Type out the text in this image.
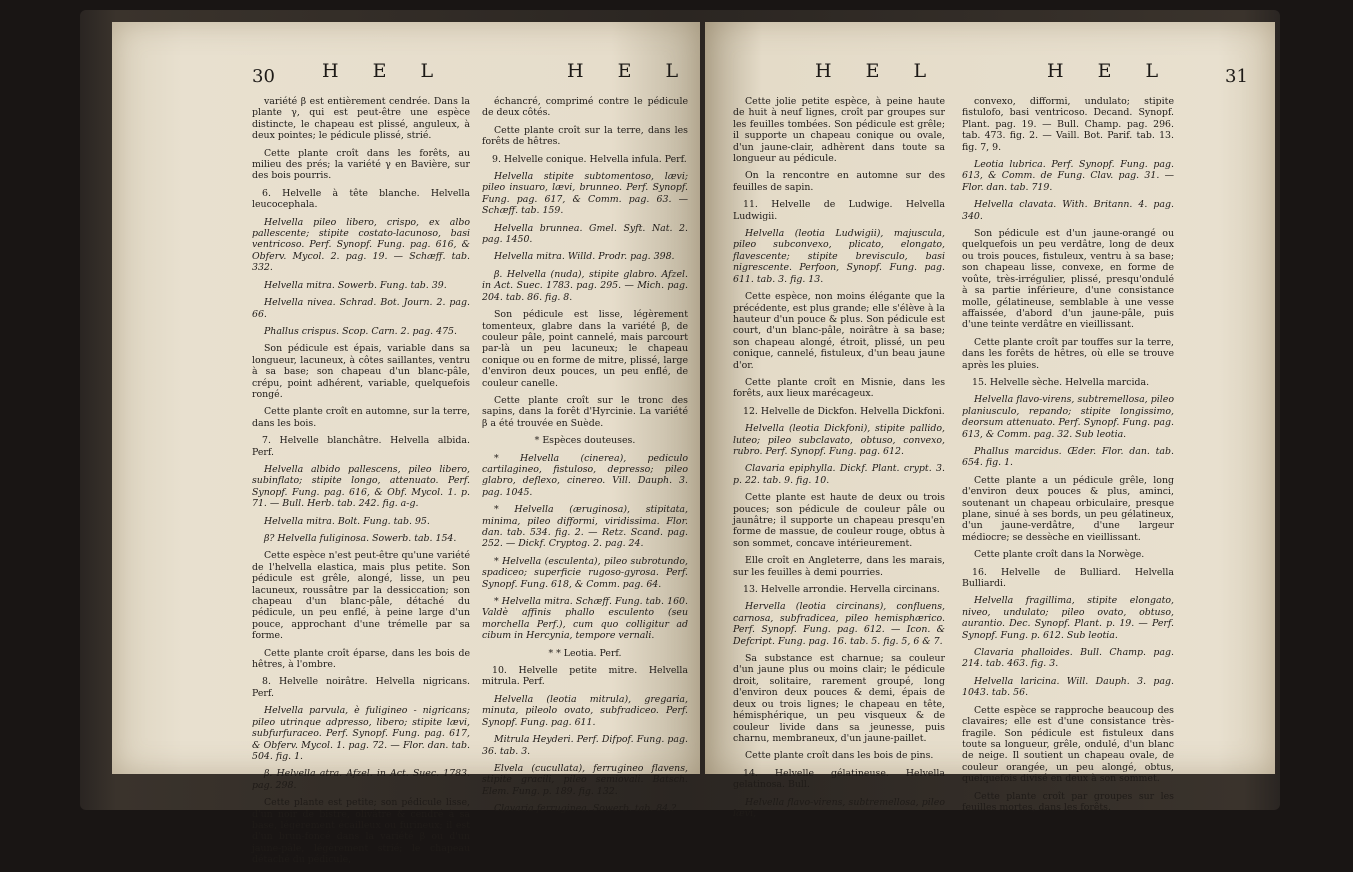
30 H E L	H E L

variété β est entièrement cendrée. Dans la plante γ, qui est peut-être une espèce distincte, le chapeau est plissé, anguleux, à deux pointes; le pédicule plissé, strié.

Cette plante croît dans les forêts, au milieu des prés; la variété γ en Bavière, sur des bois pourris.

6. Helvelle à tête blanche. Helvella leucocephala.

Helvella pileo libero, crispo, ex albo pallescente; stipite costato-lacunoso, basi ventricoso. Perf. Synopf. Fung. pag. 616, & Obferv. Mycol. 2. pag. 19. — Schæff. tab. 332.

Helvella mitra. Sowerb. Fung. tab. 39.

Helvella nivea. Schrad. Bot. Journ. 2. pag. 66.

Phallus crispus. Scop. Carn. 2. pag. 475.

Son pédicule est épais, variable dans sa longueur, lacuneux, à côtes saillantes, ventru à sa base; son chapeau d'un blanc-pâle, crépu, point adhérent, variable, quelquefois rongé.

Cette plante croît en automne, sur la terre, dans les bois.

7. Helvelle blanchâtre. Helvella albida. Perf.

Helvella albido pallescens, pileo libero, subinflato; stipite longo, attenuato. Perf. Synopf. Fung. pag. 616, & Obf. Mycol. 1. p. 71. — Bull. Herb. tab. 242. fig. a-g.

Helvella mitra. Bolt. Fung. tab. 95.

β? Helvella fuliginosa. Sowerb. tab. 154.

Cette espèce n'est peut-être qu'une variété de l'helvella elastica, mais plus petite. Son pédicule est grêle, alongé, lisse, un peu lacuneux, roussâtre par la dessiccation; son chapeau d'un blanc-pâle, détaché du pédicule, un peu enflé, à peine large d'un pouce, approchant d'une trémelle par sa forme.

Cette plante croît éparse, dans les bois de hêtres, à l'ombre.

8. Helvelle noirâtre. Helvella nigricans. Perf.

Helvella parvula, è fuligineo - nigricans; pileo utrinque adpresso, libero; stipite lævi, subfurfuraceo. Perf. Synopf. Fung. pag. 617, & Obferv. Mycol. 1. pag. 72. — Flor. dan. tab. 504. fig. 1.

β. Helvella atra. Afzel. in Act. Suec. 1783. pag. 298.

Cette plante est petite; son pédicule lisse, d'un noir de bistre, olivâtre & cendré à sa base, légèrement écailleux ou furineux; il est d'un brun-foncé dans la variété β ou d'un jaune-pâle, légèrement strié; le chapeau détaché du pédicule,

échancré, comprimé contre le pédicule de deux côtés.

Cette plante croît sur la terre, dans les forêts de hêtres.

9. Helvelle conique. Helvella infula. Perf.

Helvella stipite subtomentoso, lævi; pileo insuaro, lævi, brunneo. Perf. Synopf. Fung. pag. 617, & Comm. pag. 63. — Schæff. tab. 159.

Helvella brunnea. Gmel. Syft. Nat. 2. pag. 1450.

Helvella mitra. Willd. Prodr. pag. 398.

β. Helvella (nuda), stipite glabro. Afzel. in Act. Suec. 1783. pag. 295. — Mich. pag. 204. tab. 86. fig. 8.

Son pédicule est lisse, légèrement tomenteux, glabre dans la variété β, de couleur pâle, point cannelé, mais parcourt par-là un peu lacuneux; le chapeau conique ou en forme de mitre, plissé, large d'environ deux pouces, un peu enflé, de couleur canelle.

Cette plante croît sur le tronc des sapins, dans la forêt d'Hyrcinie. La variété β a été trouvée en Suède.

* Espèces douteuses.

* Helvella (cinerea), pediculo cartilagineo, fistuloso, depresso; pileo glabro, deflexo, cinereo. Vill. Dauph. 3. pag. 1045.

* Helvella (æruginosa), stipitata, minima, pileo difformi, viridissima. Flor. dan. tab. 534. fig. 2. — Retz. Scand. pag. 252. — Dickf. Cryptog. 2. pag. 24.

* Helvella (esculenta), pileo subrotundo, spadiceo; superficie rugoso-gyrosa. Perf. Synopf. Fung. 618, & Comm. pag. 64.

* Helvella mitra. Schæff. Fung. tab. 160. Valdè affinis phallo esculento (seu morchella Perf.), cum quo colligitur ad cibum in Hercynia, tempore vernali.

* * Leotia. Perf.

10. Helvelle petite mitre. Helvella mitrula. Perf.

Helvella (leotia mitrula), gregaria, minuta, pileolo ovato, subfradiceo. Perf. Synopf. Fung. pag. 611.

Mitrula Heyderi. Perf. Difpof. Fung. pag. 36. tab. 3.

Elvela (cucullata), ferrugineo flavens, stipite gracili, pileo semiovali. Batsch. Elem. Fung. p. 189. fig. 132.

Clavaria ferruginea. Sowerb. tab. 84.?

H E L	H E L	31

Cette jolie petite espèce, à peine haute de huit à neuf lignes, croît par groupes sur les feuilles tombées. Son pédicule est grêle; il supporte un chapeau conique ou ovale, d'un jaune-clair, adhèrent dans toute sa longueur au pédicule.

On la rencontre en automne sur des feuilles de sapin.

11. Helvelle de Ludwige. Helvella Ludwigii.

Helvella (leotia Ludwigii), majuscula, pileo subconvexo, plicato, elongato, flavescente; stipite brevisculo, basi nigrescente. Perfoon, Synopf. Fung. pag. 611. tab. 3. fig. 13.

Cette espèce, non moins élégante que la précédente, est plus grande; elle s'élève à la hauteur d'un pouce & plus. Son pédicule est court, d'un blanc-pâle, noirâtre à sa base; son chapeau alongé, étroit, plissé, un peu conique, cannelé, fistuleux, d'un beau jaune d'or.

Cette plante croît en Misnie, dans les forêts, aux lieux marécageux.

12. Helvelle de Dickfon. Helvella Dickfoni.

Helvella (leotia Dickfoni), stipite pallido, luteo; pileo subclavato, obtuso, convexo, rubro. Perf. Synopf. Fung. pag. 612.

Clavaria epiphylla. Dickf. Plant. crypt. 3. p. 22. tab. 9. fig. 10.

Cette plante est haute de deux ou trois pouces; son pédicule de couleur pâle ou jaunâtre; il supporte un chapeau presqu'en forme de massue, de couleur rouge, obtus à son sommet, concave intérieurement.

Elle croît en Angleterre, dans les marais, sur les feuilles à demi pourries.

13. Helvelle arrondie. Hervella circinans.

Hervella (leotia circinans), confluens, carnosa, subfradicea, pileo hemisphærico. Perf. Synopf. Fung. pag. 612. — Icon. & Defcript. Fung. pag. 16. tab. 5. fig. 5, 6 & 7.

Sa substance est charnue; sa couleur d'un jaune plus ou moins clair; le pédicule droit, solitaire, rarement groupé, long d'environ deux pouces & demi, épais de deux ou trois lignes; le chapeau en tête, hémisphérique, un peu visqueux & de couleur livide dans sa jeunesse, puis charnu, membraneux, d'un jaune-paillet.

Cette plante croît dans les bois de pins.

14. Helvelle gélatineuse. Helvella gelatinosa. Bull.

Helvella flavo-virens, subtremellosa, pileo lævi,

convexo, difformi, undulato; stipite fistulofo, basi ventricoso. Decand. Synopf. Plant. pag. 19. — Bull. Champ. pag. 296. tab. 473. fig. 2. — Vaill. Bot. Parif. tab. 13. fig. 7, 9.

Leotia lubrica. Perf. Synopf. Fung. pag. 613, & Comm. de Fung. Clav. pag. 31. — Flor. dan. tab. 719.

Helvella clavata. With. Britann. 4. pag. 340.

Son pédicule est d'un jaune-orangé ou quelquefois un peu verdâtre, long de deux ou trois pouces, fistuleux, ventru à sa base; son chapeau lisse, convexe, en forme de voûte, très-irrégulier, plissé, presqu'ondulé à sa partie inférieure, d'une consistance molle, gélatineuse, semblable à une vesse affaissée, d'abord d'un jaune-pâle, puis d'une teinte verdâtre en vieillissant.

Cette plante croît par touffes sur la terre, dans les forêts de hêtres, où elle se trouve après les pluies.

15. Helvelle sèche. Helvella marcida.

Helvella flavo-virens, subtremellosa, pileo planiusculo, repando; stipite longissimo, deorsum attenuato. Perf. Synopf. Fung. pag. 613, & Comm. pag. 32. Sub leotia.

Phallus marcidus. Œder. Flor. dan. tab. 654. fig. 1.

Cette plante a un pédicule grêle, long d'environ deux pouces & plus, aminci, soutenant un chapeau orbiculaire, presque plane, sinué à ses bords, un peu gélatineux, d'un jaune-verdâtre, d'une largeur médiocre; se dessèche en vieillissant.

Cette plante croît dans la Norwège.

16. Helvelle de Bulliard. Helvella Bulliardi.

Helvella fragillima, stipite elongato, niveo, undulato; pileo ovato, obtuso, aurantio. Dec. Synopf. Plant. p. 19. — Perf. Synopf. Fung. p. 612. Sub leotia.

Clavaria phalloides. Bull. Champ. pag. 214. tab. 463. fig. 3.

Helvella laricina. Will. Dauph. 3. pag. 1043. tab. 56.

Cette espèce se rapproche beaucoup des clavaires; elle est d'une consistance très-fragile. Son pédicule est fistuleux dans toute sa longueur, grêle, ondulé, d'un blanc de neige. Il soutient un chapeau ovale, de couleur orangée, un peu alongé, obtus, quelquefois divisé en deux à son sommet.

Cette plante croît par groupes sur les feuilles mortes, dans les forêts.
